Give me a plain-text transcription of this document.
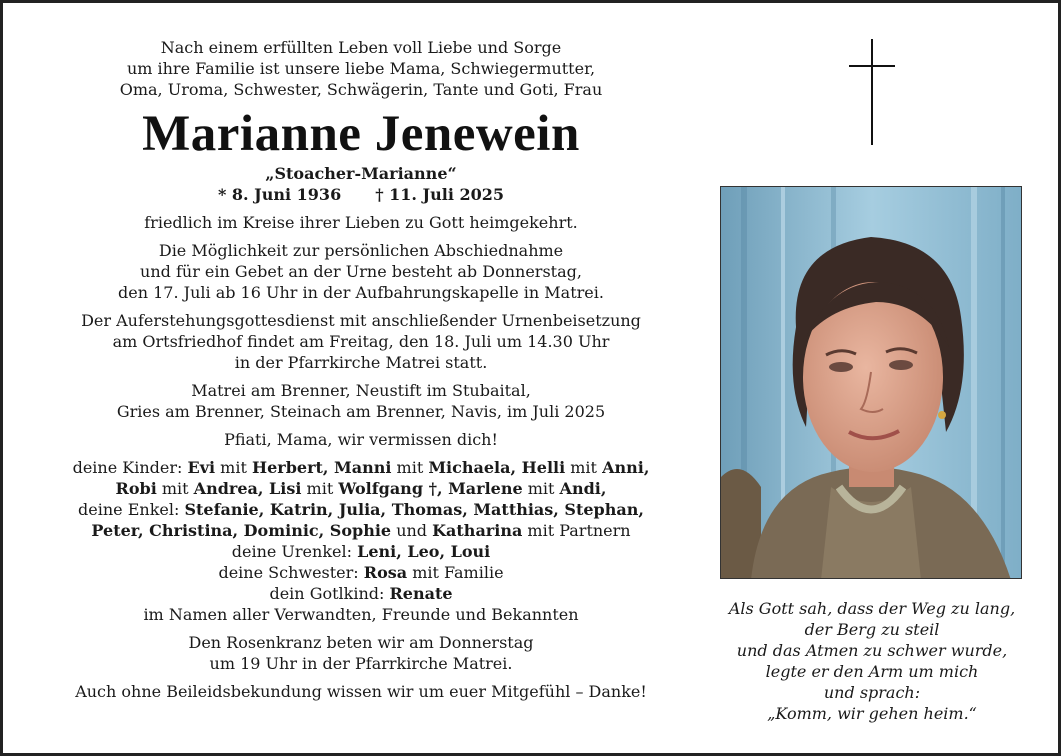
Nach einem erfüllten Leben voll Liebe und Sorge

um ihre Familie ist unsere liebe Mama, Schwiegermutter,

Oma, Uroma, Schwester, Schwägerin, Tante und Goti, Frau

Marianne Jenewein

„Stoacher-Marianne“

* 8. Juni 1936 † 11. Juli 2025

friedlich im Kreise ihrer Lieben zu Gott heimgekehrt.

Die Möglichkeit zur persönlichen Abschiednahme

und für ein Gebet an der Urne besteht ab Donnerstag,

den 17. Juli ab 16 Uhr in der Aufbahrungskapelle in Matrei.

Der Auferstehungsgottesdienst mit anschließender Urnenbeisetzung

am Ortsfriedhof findet am Freitag, den 18. Juli um 14.30 Uhr

in der Pfarrkirche Matrei statt.

Matrei am Brenner, Neustift im Stubaital,

Gries am Brenner, Steinach am Brenner, Navis, im Juli 2025

Pfiati, Mama, wir vermissen dich!

deine Kinder: Evi mit Herbert, Manni mit Michaela, Helli mit Anni,

Robi mit Andrea, Lisi mit Wolfgang †, Marlene mit Andi,

deine Enkel: Stefanie, Katrin, Julia, Thomas, Matthias, Stephan,

Peter, Christina, Dominic, Sophie und Katharina mit Partnern

deine Urenkel: Leni, Leo, Loui

deine Schwester: Rosa mit Familie

dein Gotlkind: Renate

im Namen aller Verwandten, Freunde und Bekannten

Den Rosenkranz beten wir am Donnerstag

um 19 Uhr in der Pfarrkirche Matrei.

Auch ohne Beileidsbekundung wissen wir um euer Mitgefühl – Danke!

Als Gott sah, dass der Weg zu lang,
der Berg zu steil
und das Atmen zu schwer wurde,
legte er den Arm um mich
und sprach:
„Komm, wir gehen heim.“
